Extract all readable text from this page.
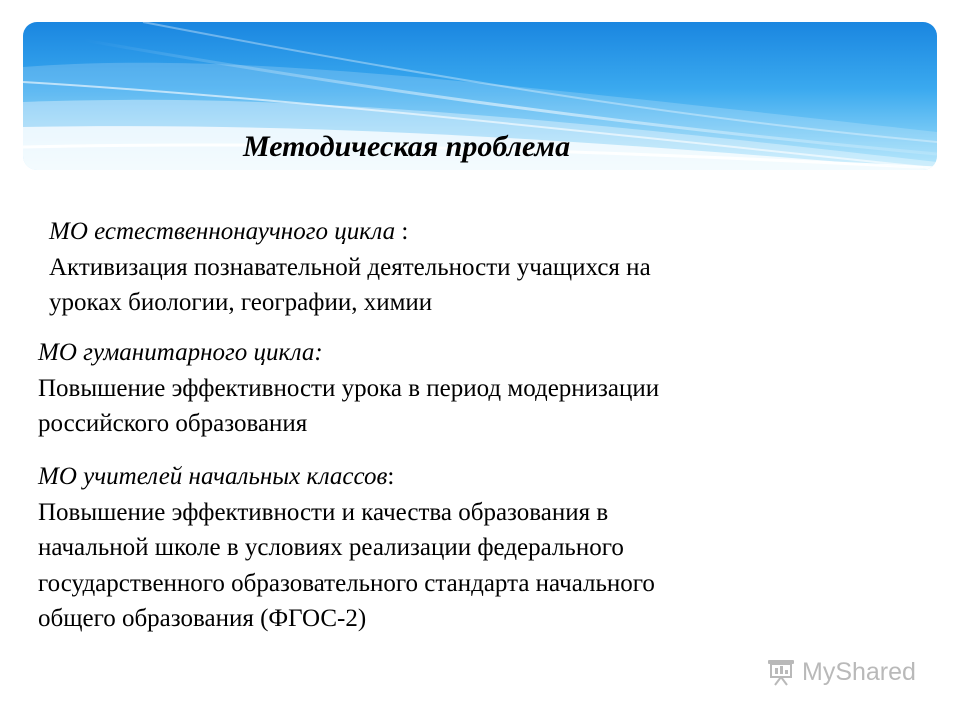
Методическая проблема
МО естественнонаучного цикла :
Активизация познавательной деятельности учащихся на
уроках биологии, географии, химии
МО гуманитарного цикла:
Повышение эффективности урока в период модернизации
российского образования
МО учителей начальных классов:
Повышение эффективности и качества образования в
начальной школе в условиях реализации федерального
государственного образовательного стандарта начального
общего образования (ФГОС-2)
MyShared
